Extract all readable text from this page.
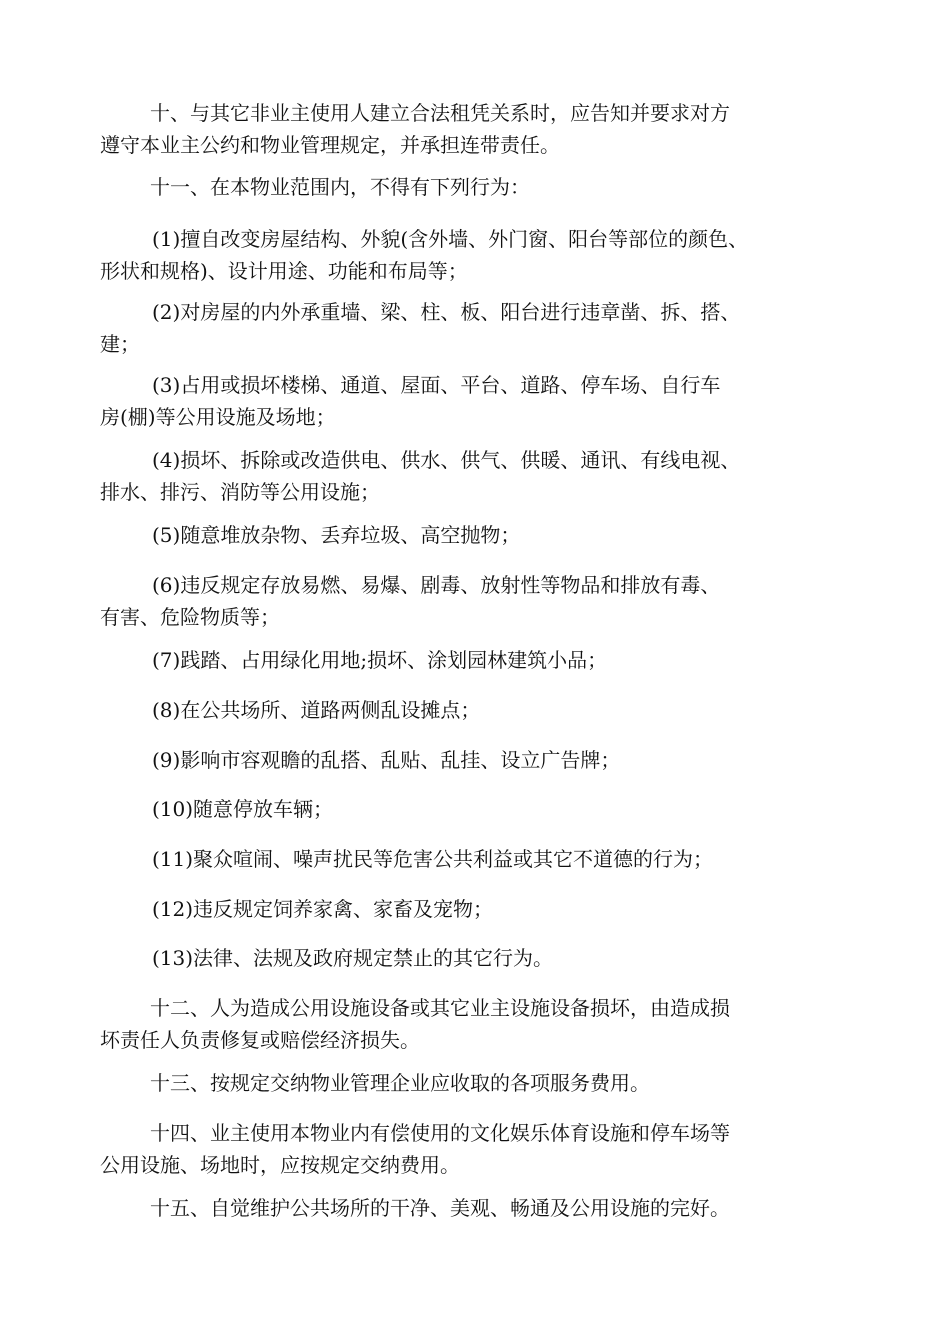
十、与其它非业主使用人建立合法租凭关系时，应告知并要求对方
遵守本业主公约和物业管理规定，并承担连带责任。
十一、在本物业范围内，不得有下列行为：
(1)擅自改变房屋结构、外貌(含外墙、外门窗、阳台等部位的颜色、
形状和规格)、设计用途、功能和布局等；
(2)对房屋的内外承重墙、梁、柱、板、阳台进行违章凿、拆、搭、
建；
(3)占用或损坏楼梯、通道、屋面、平台、道路、停车场、自行车
房(棚)等公用设施及场地；
(4)损坏、拆除或改造供电、供水、供气、供暖、通讯、有线电视、
排水、排污、消防等公用设施；
(5)随意堆放杂物、丢弃垃圾、高空抛物；
(6)违反规定存放易燃、易爆、剧毒、放射性等物品和排放有毒、
有害、危险物质等；
(7)践踏、占用绿化用地;损坏、涂划园林建筑小品；
(8)在公共场所、道路两侧乱设摊点；
(9)影响市容观瞻的乱搭、乱贴、乱挂、设立广告牌；
(10)随意停放车辆；
(11)聚众喧闹、噪声扰民等危害公共利益或其它不道德的行为；
(12)违反规定饲养家禽、家畜及宠物；
(13)法律、法规及政府规定禁止的其它行为。
十二、人为造成公用设施设备或其它业主设施设备损坏，由造成损
坏责任人负责修复或赔偿经济损失。
十三、按规定交纳物业管理企业应收取的各项服务费用。
十四、业主使用本物业内有偿使用的文化娱乐体育设施和停车场等
公用设施、场地时，应按规定交纳费用。
十五、自觉维护公共场所的干净、美观、畅通及公用设施的完好。
